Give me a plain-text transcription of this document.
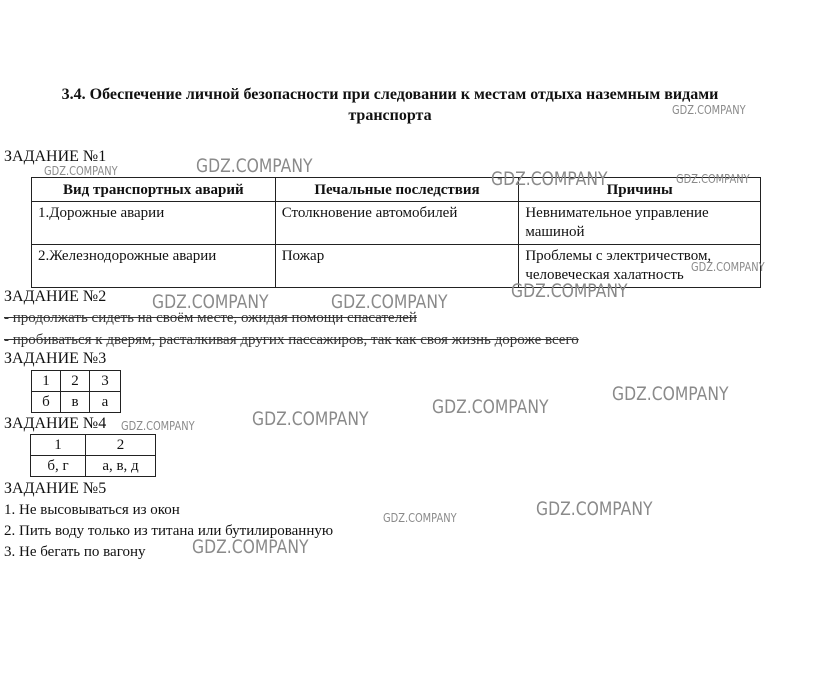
3.4. Обеспечение личной безопасности при следовании к местам отдыха наземным видами
транспорта
ЗАДАНИЕ №1
Вид транспортных аварий	Печальные последствия	Причины
1.Дорожные аварии	Столкновение автомобилей	Невнимательное управление машиной
2.Железнодорожные аварии	Пожар	Проблемы с электричеством, человеческая халатность
ЗАДАНИЕ №2
- продолжать сидеть на своём месте, ожидая помощи спасателей
- пробиваться к дверям, расталкивая других пассажиров, так как своя жизнь дороже всего
ЗАДАНИЕ №3
1	2	3
б	в	а
ЗАДАНИЕ №4
1	2
б, г	а, в, д
ЗАДАНИЕ №5
1. Не высовываться из окон
2. Пить воду только из титана или бутилированную
3. Не бегать по вагону
GDZ.COMPANY
GDZ.COMPANY
GDZ.COMPANY	GDZ.COMPANY	GDZ.COMPANY
GDZ.COMPANY
GDZ.COMPANY
GDZ.COMPANY	GDZ.COMPANY
GDZ.COMPANY
GDZ.COMPANY
GDZ.COMPANY
GDZ.COMPANY
GDZ.COMPANY
GDZ.COMPANY
GDZ.COMPANY
